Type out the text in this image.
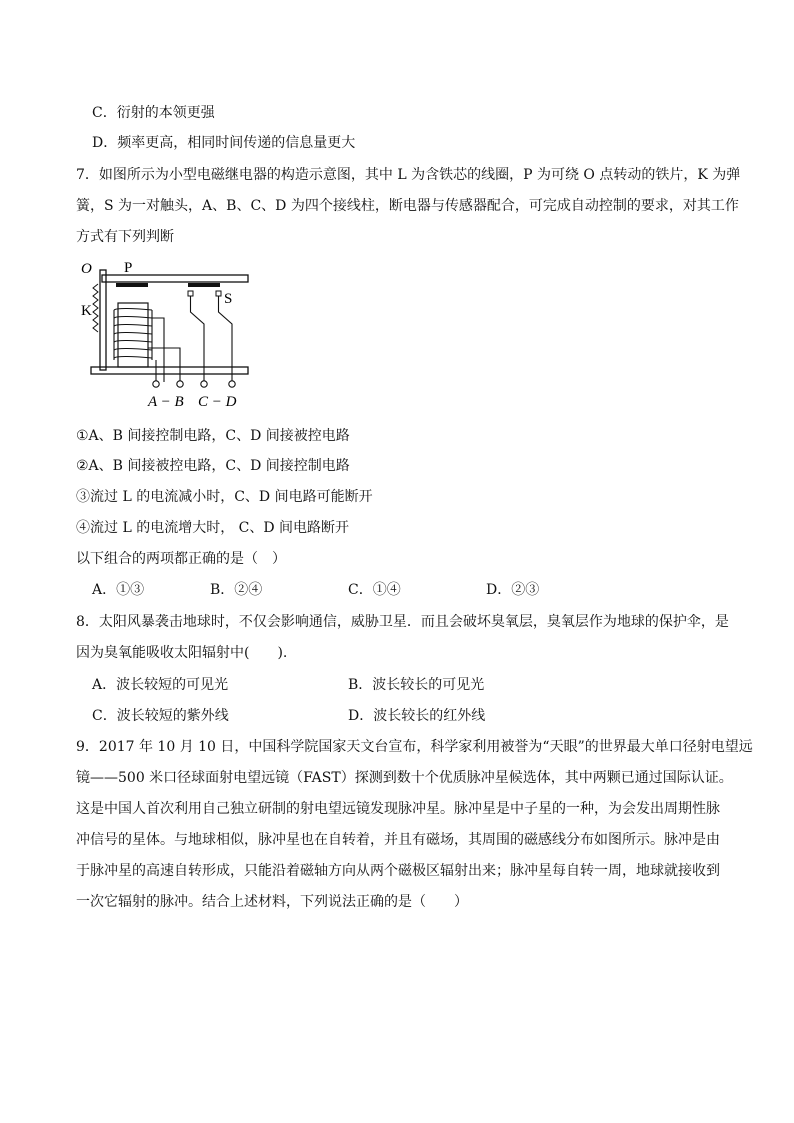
C．衍射的本领更强
D．频率更高，相同时间传递的信息量更大
7．如图所示为小型电磁继电器的构造示意图，其中 L 为含铁芯的线圈，P 为可绕 O 点转动的铁片，K 为弹
簧，S 为一对触头，A、B、C、D 为四个接线柱，断电器与传感器配合，可完成自动控制的要求，对其工作
方式有下列判断
O P
K
S
A − B C − D
①A、B 间接控制电路，C、D 间接被控电路
②A、B 间接被控电路，C、D 间接控制电路
③流过 L 的电流减小时，C、D 间电路可能断开
④流过 L 的电流增大时， C、D 间电路断开
以下组合的两项都正确的是（　）
A．①③	B．②④	C．①④	D．②③
8．太阳风暴袭击地球时，不仅会影响通信，威胁卫星．而且会破坏臭氧层，臭氧层作为地球的保护伞，是
因为臭氧能吸收太阳辐射中(　　).
A．波长较短的可见光	B．波长较长的可见光
C．波长较短的紫外线	D．波长较长的红外线
9．2017 年 10 月 10 日，中国科学院国家天文台宣布，科学家利用被誉为“天眼”的世界最大单口径射电望远
镜——500 米口径球面射电望远镜（FAST）探测到数十个优质脉冲星候选体，其中两颗已通过国际认证。
这是中国人首次利用自己独立研制的射电望远镜发现脉冲星。脉冲星是中子星的一种，为会发出周期性脉
冲信号的星体。与地球相似，脉冲星也在自转着，并且有磁场，其周围的磁感线分布如图所示。脉冲是由
于脉冲星的高速自转形成，只能沿着磁轴方向从两个磁极区辐射出来；脉冲星每自转一周，地球就接收到
一次它辐射的脉冲。结合上述材料，下列说法正确的是（　　）
